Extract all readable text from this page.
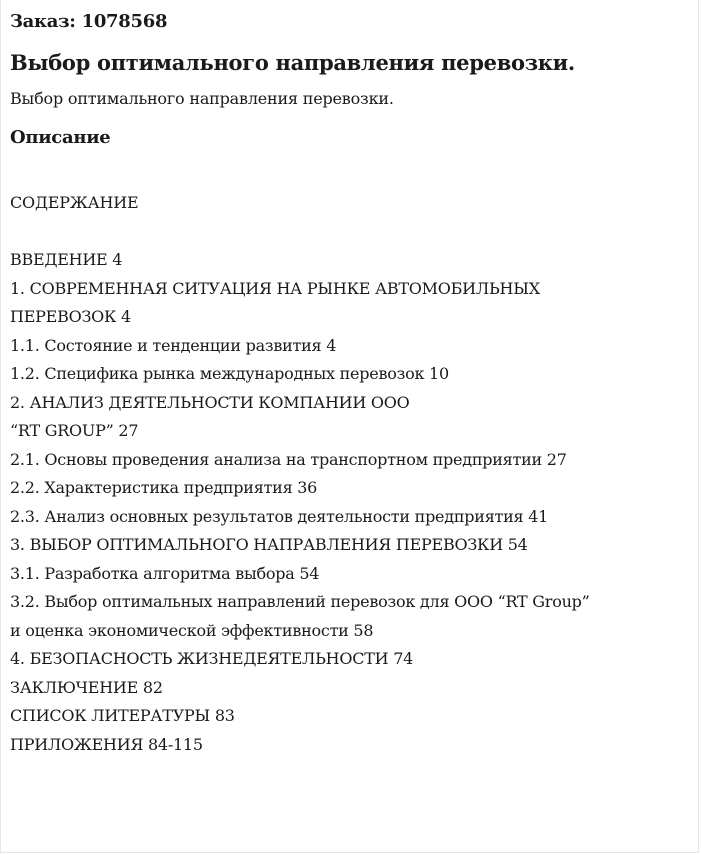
Заказ: 1078568

Выбор оптимального направления перевозки.

Выбор оптимального направления перевозки.

Описание

СОДЕРЖАНИЕ

ВВЕДЕНИЕ 4
1. СОВРЕМЕННАЯ СИТУАЦИЯ НА РЫНКЕ АВТОМОБИЛЬНЫХ
ПЕРЕВОЗОК 4
1.1. Состояние и тенденции развития 4
1.2. Специфика рынка международных перевозок 10
2. АНАЛИЗ ДЕЯТЕЛЬНОСТИ КОМПАНИИ ООО
“RT GROUP” 27
2.1. Основы проведения анализа на транспортном предприятии 27
2.2. Характеристика предприятия 36
2.3. Анализ основных результатов деятельности предприятия 41
3. ВЫБОР ОПТИМАЛЬНОГО НАПРАВЛЕНИЯ ПЕРЕВОЗКИ 54
3.1. Разработка алгоритма выбора 54
3.2. Выбор оптимальных направлений перевозок для ООО “RT Group”
и оценка экономической эффективности 58
4. БЕЗОПАСНОСТЬ ЖИЗНЕДЕЯТЕЛЬНОСТИ 74
ЗАКЛЮЧЕНИЕ 82
СПИСОК ЛИТЕРАТУРЫ 83
ПРИЛОЖЕНИЯ 84-115
